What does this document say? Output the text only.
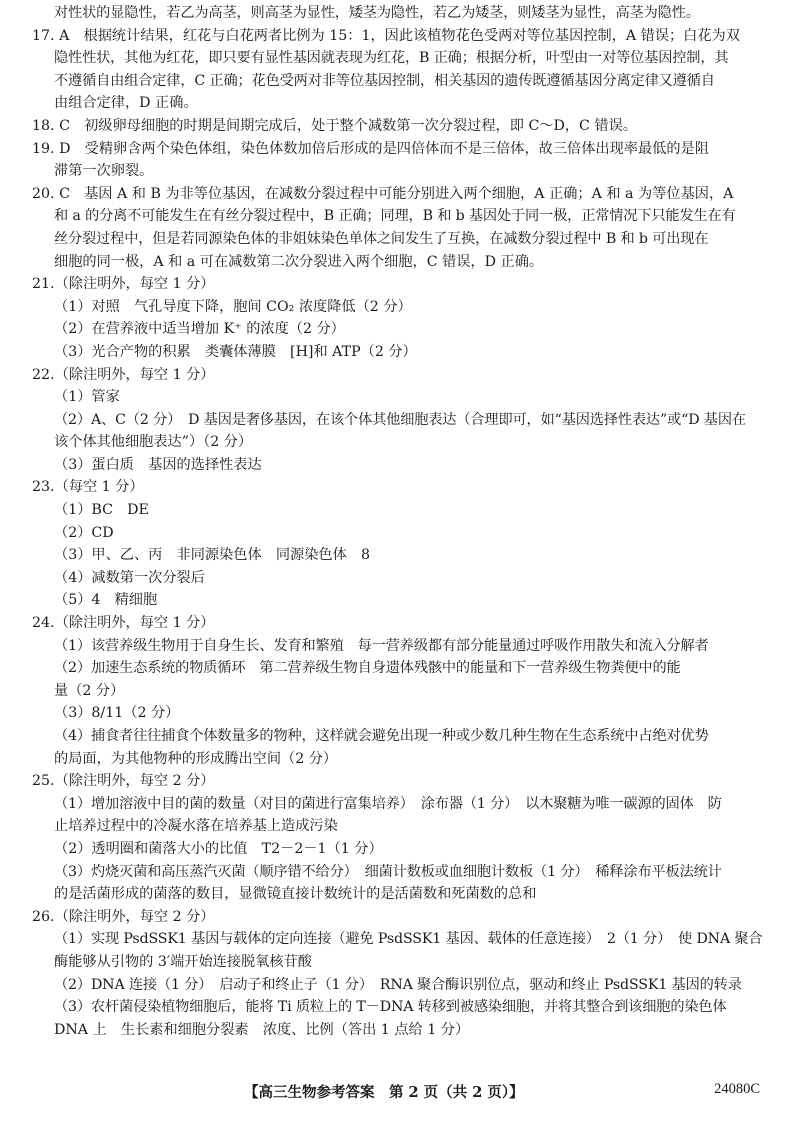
对性状的显隐性，若乙为高茎，则高茎为显性，矮茎为隐性，若乙为矮茎，则矮茎为显性，高茎为隐性。
17. A　根据统计结果，红花与白花两者比例为 15：1，因此该植物花色受两对等位基因控制，A 错误；白花为双
隐性性状，其他为红花，即只要有显性基因就表现为红花，B 正确；根据分析，叶型由一对等位基因控制，其
不遵循自由组合定律，C 正确；花色受两对非等位基因控制，相关基因的遗传既遵循基因分离定律又遵循自
由组合定律，D 正确。
18. C　初级卵母细胞的时期是间期完成后，处于整个减数第一次分裂过程，即 C～D，C 错误。
19. D　受精卵含两个染色体组，染色体数加倍后形成的是四倍体而不是三倍体，故三倍体出现率最低的是阻
滞第一次卵裂。
20. C　基因 A 和 B 为非等位基因，在减数分裂过程中可能分别进入两个细胞，A 正确；A 和 a 为等位基因，A
和 a 的分离不可能发生在有丝分裂过程中，B 正确；同理，B 和 b 基因处于同一极，正常情况下只能发生在有
丝分裂过程中，但是若同源染色体的非姐妹染色单体之间发生了互换，在减数分裂过程中 B 和 b 可出现在
细胞的同一极，A 和 a 可在减数第二次分裂进入两个细胞，C 错误，D 正确。
21.（除注明外，每空 1 分）
（1）对照　气孔导度下降，胞间 CO₂ 浓度降低（2 分）
（2）在营养液中适当增加 K⁺ 的浓度（2 分）
（3）光合产物的积累　类囊体薄膜　[H]和 ATP（2 分）
22.（除注明外，每空 1 分）
（1）管家
（2）A、C（2 分）　D 基因是奢侈基因，在该个体其他细胞表达（合理即可，如“基因选择性表达”或“D 基因在
该个体其他细胞表达”）（2 分）
（3）蛋白质　基因的选择性表达
23.（每空 1 分）
（1）BC　DE
（2）CD
（3）甲、乙、丙　非同源染色体　同源染色体　8
（4）减数第一次分裂后
（5）4　精细胞
24.（除注明外，每空 1 分）
（1）该营养级生物用于自身生长、发育和繁殖　每一营养级都有部分能量通过呼吸作用散失和流入分解者
（2）加速生态系统的物质循环　第二营养级生物自身遗体残骸中的能量和下一营养级生物粪便中的能
量（2 分）
（3）8/11（2 分）
（4）捕食者往往捕食个体数量多的物种，这样就会避免出现一种或少数几种生物在生态系统中占绝对优势
的局面，为其他物种的形成腾出空间（2 分）
25.（除注明外，每空 2 分）
（1）增加溶液中目的菌的数量（对目的菌进行富集培养）　涂布器（1 分）　以木聚糖为唯一碳源的固体　防
止培养过程中的冷凝水落在培养基上造成污染
（2）透明圈和菌落大小的比值　T2－2－1（1 分）
（3）灼烧灭菌和高压蒸汽灭菌（顺序错不给分）　细菌计数板或血细胞计数板（1 分）　稀释涂布平板法统计
的是活菌形成的菌落的数目，显微镜直接计数统计的是活菌数和死菌数的总和
26.（除注明外，每空 2 分）
（1）实现 PsdSSK1 基因与载体的定向连接（避免 PsdSSK1 基因、载体的任意连接）　2（1 分）　使 DNA 聚合
酶能够从引物的 3′端开始连接脱氧核苷酸
（2）DNA 连接（1 分）　启动子和终止子（1 分）　RNA 聚合酶识别位点，驱动和终止 PsdSSK1 基因的转录
（3）农杆菌侵染植物细胞后，能将 Ti 质粒上的 T－DNA 转移到被感染细胞，并将其整合到该细胞的染色体
DNA 上　生长素和细胞分裂素　浓度、比例（答出 1 点给 1 分）
【高三生物参考答案　第 2 页（共 2 页）】	24080C
